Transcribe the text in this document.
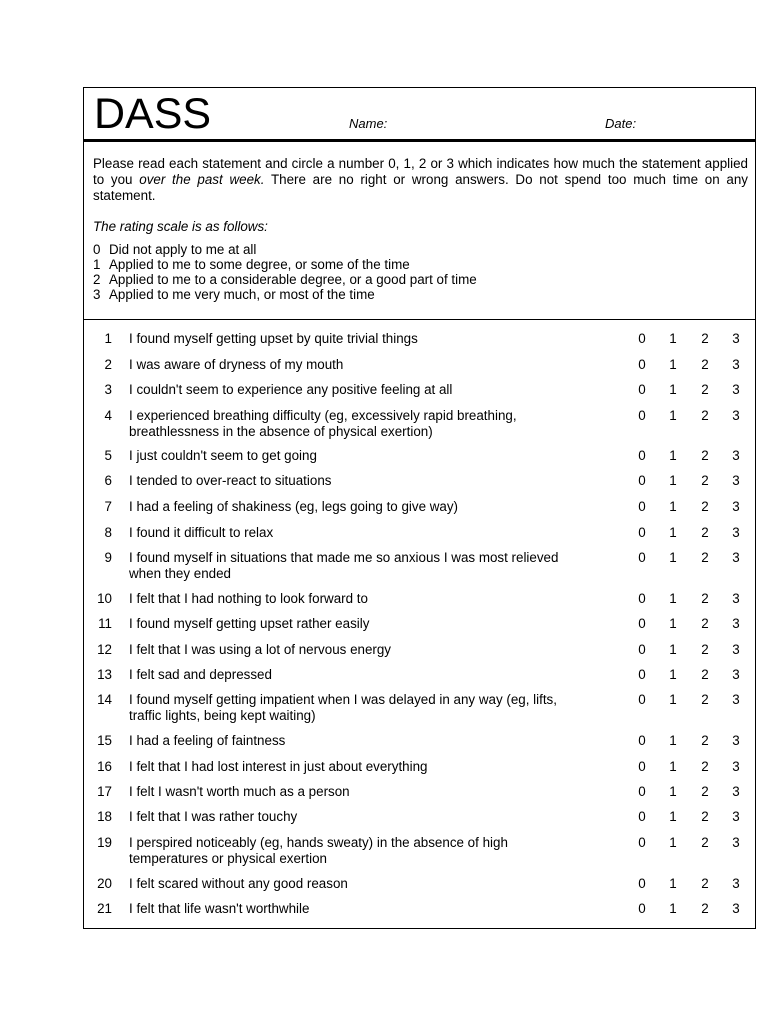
DASS	Name:	Date:

Please read each statement and circle a number 0, 1, 2 or 3 which indicates how much the statement applied to you over the past week. There are no right or wrong answers. Do not spend too much time on any statement.

The rating scale is as follows:
0 Did not apply to me at all
1 Applied to me to some degree, or some of the time
2 Applied to me to a considerable degree, or a good part of time
3 Applied to me very much, or most of the time
1 I found myself getting upset by quite trivial things	0 1 2 3
2 I was aware of dryness of my mouth	0 1 2 3
3 I couldn't seem to experience any positive feeling at all	0 1 2 3
4 I experienced breathing difficulty (eg, excessively rapid breathing, breathlessness in the absence of physical exertion)
0 1 2 3
5 I just couldn't seem to get going	0 1 2 3
6 I tended to over-react to situations	0 1 2 3
7 I had a feeling of shakiness (eg, legs going to give way)	0 1 2 3
8 I found it difficult to relax	0 1 2 3
9 I found myself in situations that made me so anxious I was most relieved when they ended
0 1 2 3
10 I felt that I had nothing to look forward to	0 1 2 3
11 I found myself getting upset rather easily	0 1 2 3
12 I felt that I was using a lot of nervous energy	0 1 2 3
13 I felt sad and depressed	0 1 2 3
14 I found myself getting impatient when I was delayed in any way (eg, lifts, traffic lights, being kept waiting)
0 1 2 3
15 I had a feeling of faintness	0 1 2 3
16 I felt that I had lost interest in just about everything	0 1 2 3
17 I felt I wasn't worth much as a person	0 1 2 3
18 I felt that I was rather touchy	0 1 2 3
19 I perspired noticeably (eg, hands sweaty) in the absence of high temperatures or physical exertion
0 1 2 3
20 I felt scared without any good reason	0 1 2 3
21 I felt that life wasn't worthwhile	0 1 2 3
